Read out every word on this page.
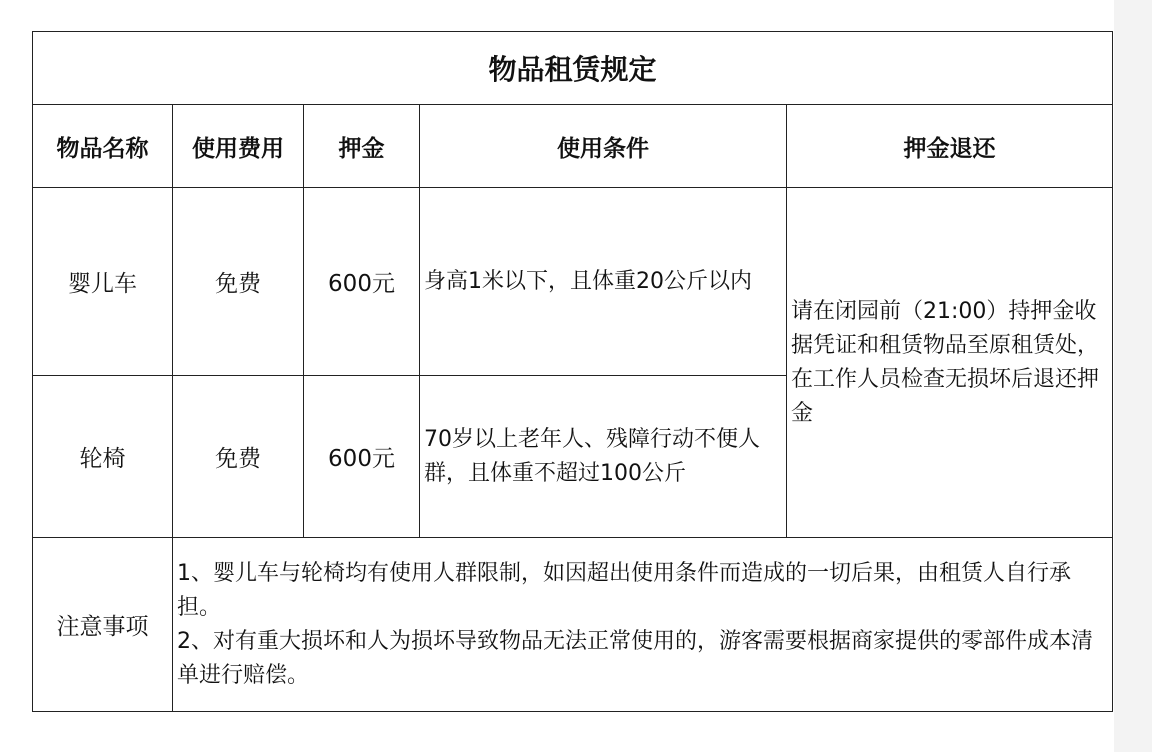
物品租赁规定				
物品名称	使用费用	押金	使用条件	押金退还
婴儿车	免费	600元	身高1米以下，且体重20公斤以内	请在闭园前（21:00）持押金收据凭证和租赁物品至原租赁处，在工作人员检查无损坏后退还押金
轮椅	免费	600元	70岁以上老年人、残障行动不便人群，且体重不超过100公斤	
注意事项	1、婴儿车与轮椅均有使用人群限制，如因超出使用条件而造成的一切后果，由租赁人自行承担。
2、对有重大损坏和人为损坏导致物品无法正常使用的，游客需要根据商家提供的零部件成本清单进行赔偿。			
